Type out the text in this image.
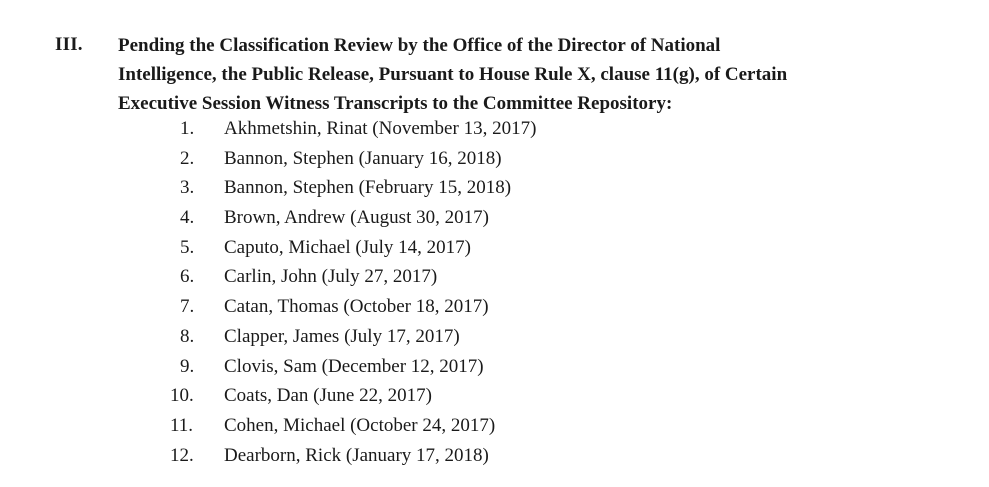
III. Pending the Classification Review by the Office of the Director of National
Intelligence, the Public Release, Pursuant to House Rule X, clause 11(g), of Certain
Executive Session Witness Transcripts to the Committee Repository:

1.	Akhmetshin, Rinat (November 13, 2017)
2.	Bannon, Stephen (January 16, 2018)
3.	Bannon, Stephen (February 15, 2018)
4.	Brown, Andrew (August 30, 2017)
5.	Caputo, Michael (July 14, 2017)
6.	Carlin, John (July 27, 2017)
7.	Catan, Thomas (October 18, 2017)
8.	Clapper, James (July 17, 2017)
9.	Clovis, Sam (December 12, 2017)
10.	Coats, Dan (June 22, 2017)
11.	Cohen, Michael (October 24, 2017)
12.	Dearborn, Rick (January 17, 2018)
